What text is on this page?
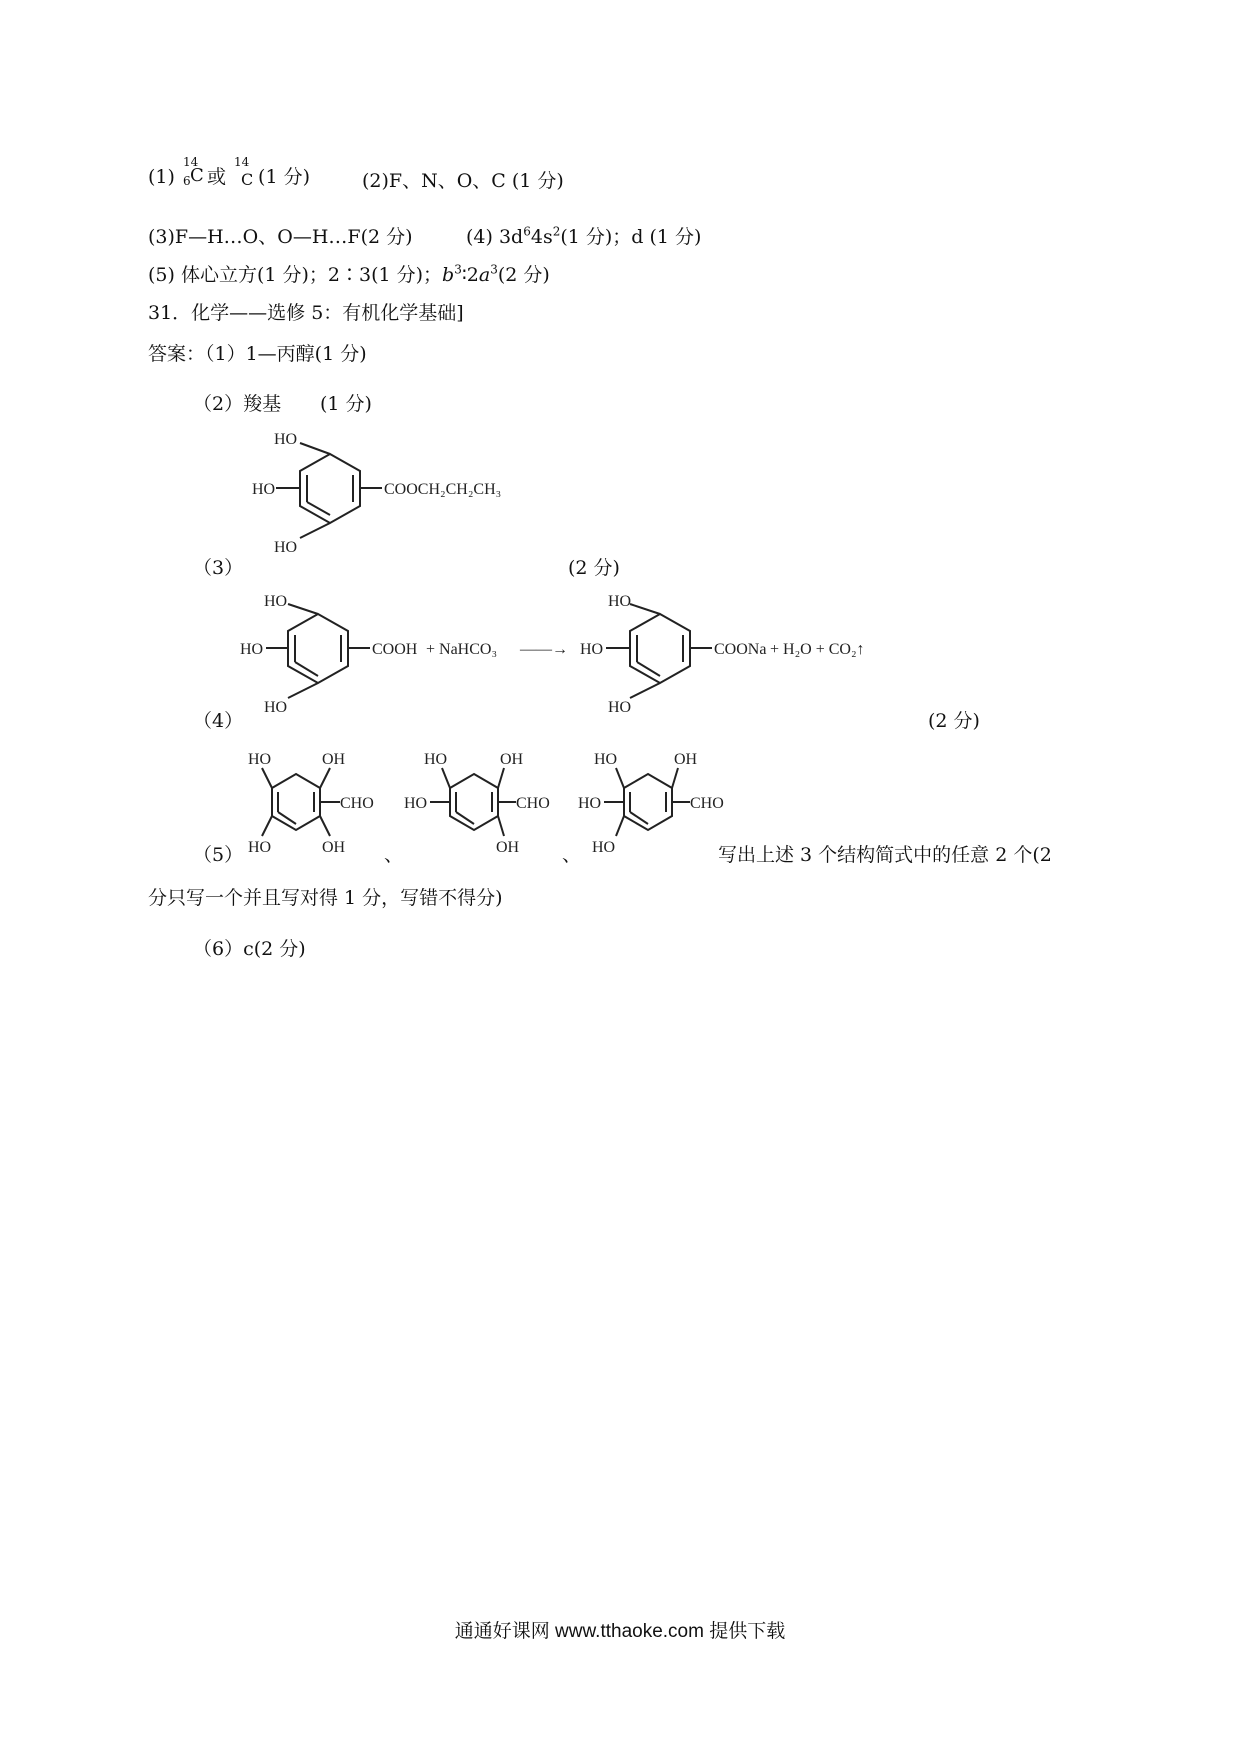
(1)
14
6 C 或
14
C (1 分)	(2)F、N、O、C (1 分)
(3)F—H…O、O—H…F(2 分)	(4) $3d^64s^2(1$ 分)；d (1 分)
(5) 体心立方(1 分)；2∶3(1 分)；$b^3∶2a^3(2$ 分)
31．化学——选修 5：有机化学基础]
答案：（1）1—丙醇(1 分)
（2）羧基 (1 分)
（3）
HO
HO
HO
COOCH₂CH₂CH₃
(2 分)
（4）
HO
HO
HO
COOH + NaHCO₃ ——→
HO
HO
HO
COONa + H₂O + CO₂↑
(2 分)
（5）
HO	OH
CHO
HO	OH 、
HO	OH
HO	CHO
OH 、
HO	OH
HO	CHO
HO	写出上述 3 个结构简式中的任意 2 个(2
分只写一个并且写对得 1 分，写错不得分)
（6）c(2 分)
通通好课网 www.tthaoke.com 提供下载
